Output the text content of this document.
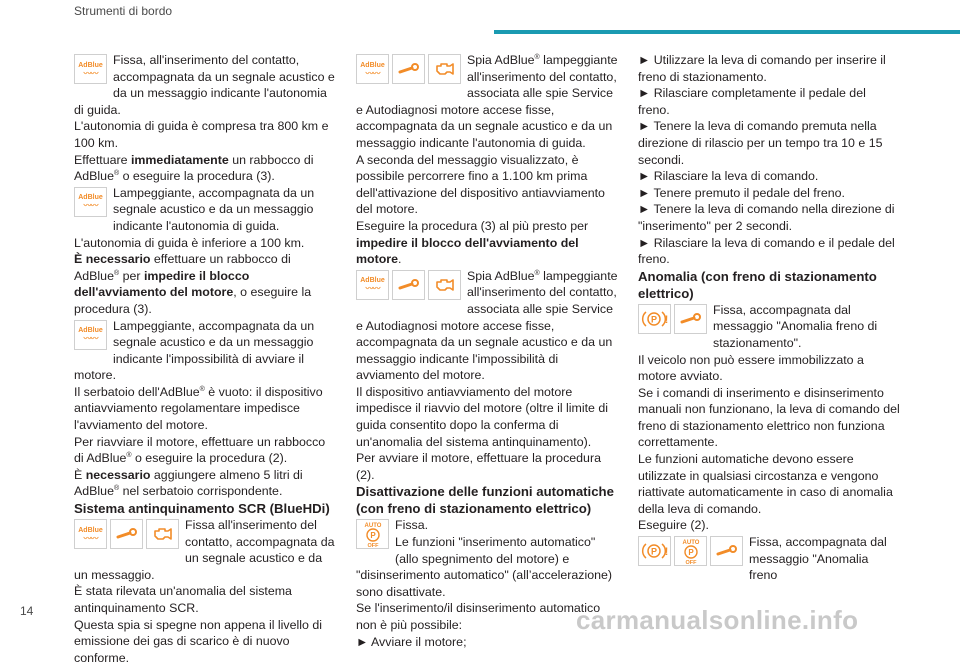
Strumenti di bordo
AdBlue
〰〰

Fissa, all'inserimento del contatto, accompagnata da un segnale acustico e da un messaggio indicante l'autonomia di guida.

L'autonomia di guida è compresa tra 800 km e 100 km.

Effettuare immediatamente un rabbocco di AdBlue® o eseguire la procedura (3).

AdBlue
〰〰

Lampeggiante, accompagnata da un segnale acustico e da un messaggio indicante l'autonomia di guida.

L'autonomia di guida è inferiore a 100 km.

È necessario effettuare un rabbocco di AdBlue® per impedire il blocco dell'avviamento del motore, o eseguire la procedura (3).

AdBlue
〰〰

Lampeggiante, accompagnata da un segnale acustico e da un messaggio indicante l'impossibilità di avviare il motore.

Il serbatoio dell'AdBlue® è vuoto: il dispositivo antiavviamento regolamentare impedisce l'avviamento del motore.

Per riavviare il motore, effettuare un rabbocco di AdBlue® o eseguire la procedura (2).

È necessario aggiungere almeno 5 litri di AdBlue® nel serbatoio corrispondente.

Sistema antinquinamento SCR (BlueHDi)

AdBlue
〰〰

Fissa all'inserimento del contatto, accompagnata da un segnale acustico e da un messaggio.

È stata rilevata un'anomalia del sistema antinquinamento SCR.

Questa spia si spegne non appena il livello di emissione dei gas di scarico è di nuovo conforme.

AdBlue
〰〰

Spia AdBlue® lampeggiante all'inserimento del contatto, associata alle spie Service e Autodiagnosi motore accese fisse, accompagnata da un segnale acustico e da un messaggio indicante l'autonomia di guida.

A seconda del messaggio visualizzato, è possibile percorrere fino a 1.100 km prima dell'attivazione del dispositivo antiavviamento del motore.

Eseguire la procedura (3) al più presto per impedire il blocco dell'avviamento del motore.

AdBlue
〰〰

Spia AdBlue® lampeggiante all'inserimento del contatto, associata alle spie Service e Autodiagnosi motore accese fisse, accompagnata da un segnale acustico e da un messaggio indicante l'impossibilità di avviamento del motore.

Il dispositivo antiavviamento del motore impedisce il riavvio del motore (oltre il limite di guida consentito dopo la conferma di un'anomalia del sistema antinquinamento).

Per avviare il motore, effettuare la procedura (2).

Disattivazione delle funzioni automatiche (con freno di stazionamento elettrico)

AUTO
P
OFF

Fissa.

Le funzioni "inserimento automatico" (allo spegnimento del motore) e "disinserimento automatico" (all’accelerazione) sono disattivate.

Se l'inserimento/il disinserimento automatico non è più possibile:

► Avviare il motore;

► Utilizzare la leva di comando per inserire il freno di stazionamento.

► Rilasciare completamente il pedale del freno.

► Tenere la leva di comando premuta nella direzione di rilascio per un tempo tra 10 e 15 secondi.

► Rilasciare la leva di comando.

► Tenere premuto il pedale del freno.

► Tenere la leva di comando nella direzione di "inserimento" per 2 secondi.

► Rilasciare la leva di comando e il pedale del freno.

Anomalia (con freno di stazionamento elettrico)

P !

Fissa, accompagnata dal messaggio "Anomalia freno di stazionamento".

Il veicolo non può essere immobilizzato a motore avviato.

Se i comandi di inserimento e disinserimento manuali non funzionano, la leva di comando del freno di stazionamento elettrico non funziona correttamente.

Le funzioni automatiche devono essere utilizzate in qualsiasi circostanza e vengono riattivate automaticamente in caso di anomalia della leva di comando.

Eseguire (2).

P !
AUTO
P
OFF

Fissa, accompagnata dal messaggio "Anomalia freno

14	carmanualsonline.info
